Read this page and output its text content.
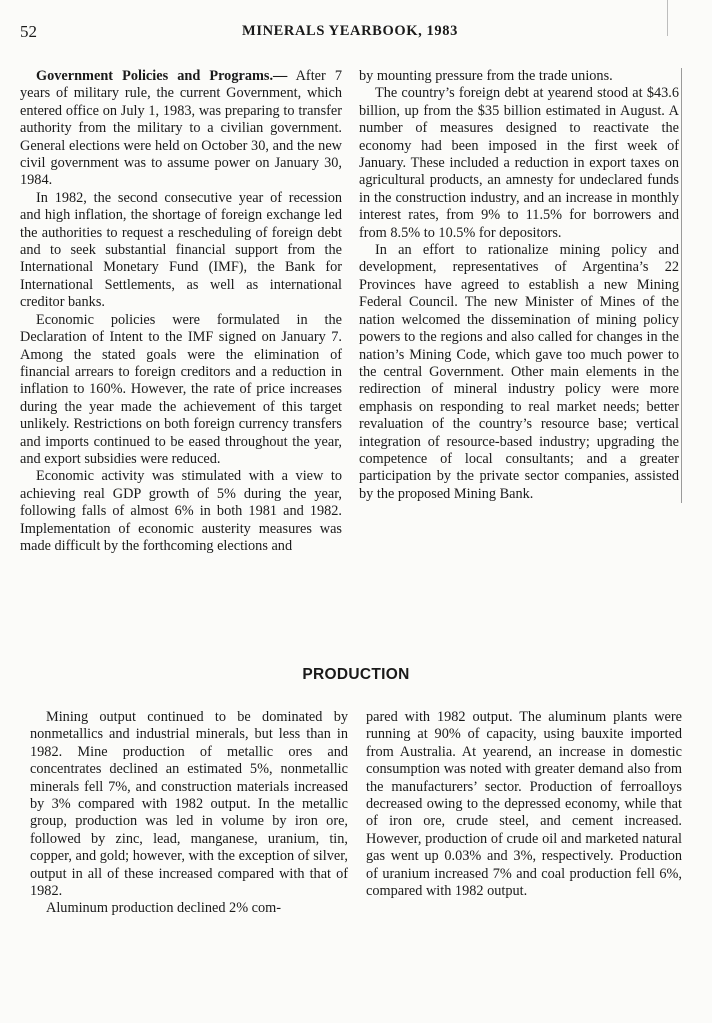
52	MINERALS YEARBOOK, 1983

Government Policies and Programs.— After 7 years of military rule, the current Government, which entered office on July 1, 1983, was preparing to transfer authority from the military to a civilian government. General elections were held on October 30, and the new civil government was to assume power on January 30, 1984.

In 1982, the second consecutive year of recession and high inflation, the shortage of foreign exchange led the authorities to request a rescheduling of foreign debt and to seek substantial financial support from the International Monetary Fund (IMF), the Bank for International Settlements, as well as international creditor banks.

Economic policies were formulated in the Declaration of Intent to the IMF signed on January 7. Among the stated goals were the elimination of financial arrears to foreign creditors and a reduction in inflation to 160%. However, the rate of price increases during the year made the achievement of this target unlikely. Restrictions on both foreign currency transfers and imports continued to be eased throughout the year, and export subsidies were reduced.

Economic activity was stimulated with a view to achieving real GDP growth of 5% during the year, following falls of almost 6% in both 1981 and 1982. Implementation of economic austerity measures was made difficult by the forthcoming elections and

by mounting pressure from the trade unions.

The country’s foreign debt at yearend stood at $43.6 billion, up from the $35 billion estimated in August. A number of measures designed to reactivate the economy had been imposed in the first week of January. These included a reduction in export taxes on agricultural products, an amnesty for undeclared funds in the construction industry, and an increase in monthly interest rates, from 9% to 11.5% for borrowers and from 8.5% to 10.5% for depositors.

In an effort to rationalize mining policy and development, representatives of Argentina’s 22 Provinces have agreed to establish a new Mining Federal Council. The new Minister of Mines of the nation welcomed the dissemination of mining policy powers to the regions and also called for changes in the nation’s Mining Code, which gave too much power to the central Government. Other main elements in the redirection of mineral industry policy were more emphasis on responding to real market needs; better revaluation of the country’s resource base; vertical integration of resource-based industry; upgrading the competence of local consultants; and a greater participation by the private sector companies, assisted by the proposed Mining Bank.

PRODUCTION

Mining output continued to be dominated by nonmetallics and industrial minerals, but less than in 1982. Mine production of metallic ores and concentrates declined an estimated 5%, nonmetallic minerals fell 7%, and construction materials increased by 3% compared with 1982 output. In the metallic group, production was led in volume by iron ore, followed by zinc, lead, manganese, uranium, tin, copper, and gold; however, with the exception of silver, output in all of these increased compared with that of 1982.

Aluminum production declined 2% com-

pared with 1982 output. The aluminum plants were running at 90% of capacity, using bauxite imported from Australia. At yearend, an increase in domestic consumption was noted with greater demand also from the manufacturers’ sector. Production of ferroalloys decreased owing to the depressed economy, while that of iron ore, crude steel, and cement increased. However, production of crude oil and marketed natural gas went up 0.03% and 3%, respectively. Production of uranium increased 7% and coal production fell 6%, compared with 1982 output.
